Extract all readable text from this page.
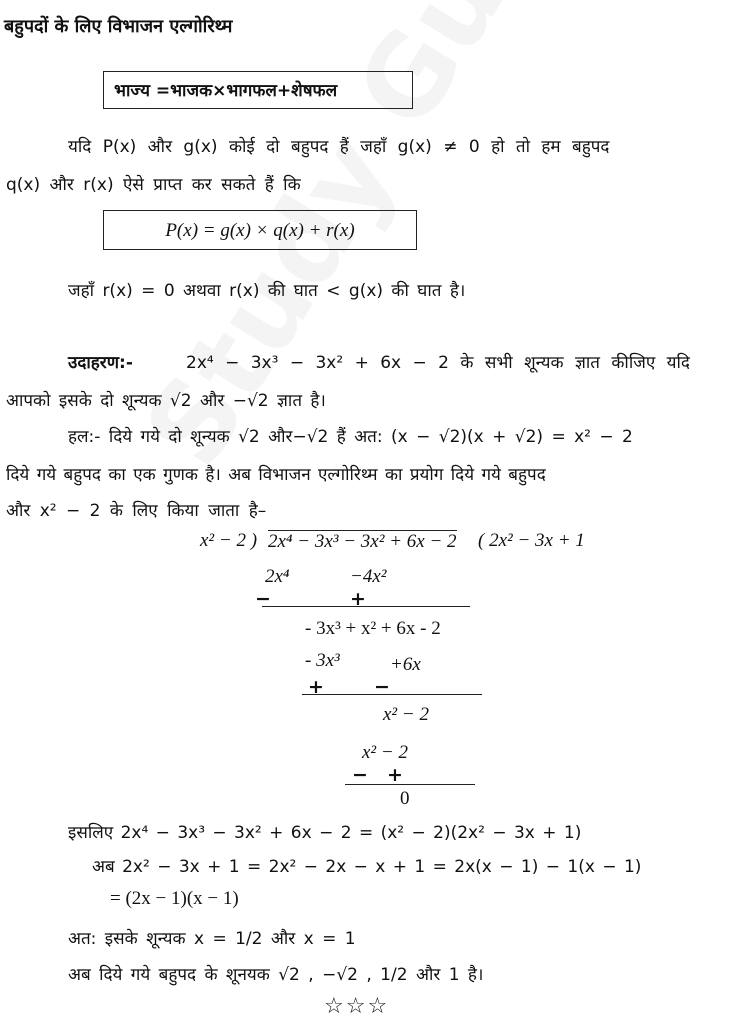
बहुपदों के लिए विभाजन एल्गोरिथ्म
भाज्य =भाजक×भागफल+शेषफल
यदि P(x) और g(x) कोई दो बहुपद हैं जहाँ g(x) ≠ 0 हो तो हम बहुपद
q(x) और r(x) ऐसे प्राप्त कर सकते हैं कि
P(x) = g(x) × q(x) + r(x)
जहाँ r(x) = 0 अथवा r(x) की घात < g(x) की घात है।
उदाहरण:-	2x⁴ − 3x³ − 3x² + 6x − 2 के सभी शून्यक ज्ञात कीजिए यदि
आपको इसके दो शून्यक √2 और −√2 ज्ञात है।
हल:- दिये गये दो शून्यक √2 और−√2 हैं अत: (x − √2)(x + √2) = x² − 2
दिये गये बहुपद का एक गुणक है। अब विभाजन एल्गोरिथ्म का प्रयोग दिये गये बहुपद
और x² − 2 के लिए किया जाता है–
x² − 2 ) 2x⁴ − 3x³ − 3x² + 6x − 2 ( 2x² − 3x + 1
2x⁴	−4x²
−	+
- 3x³ + x² + 6x - 2
- 3x³	+6x
+	−
x² − 2
x² − 2
− +
0
इसलिए 2x⁴ − 3x³ − 3x² + 6x − 2 = (x² − 2)(2x² − 3x + 1)
अब 2x² − 3x + 1 = 2x² − 2x − x + 1 = 2x(x − 1) − 1(x − 1)
= (2x − 1)(x − 1)
अत: इसके शून्यक x = 1/2 और x = 1
अब दिये गये बहुपद के शूनयक √2 , −√2 , 1/2 और 1 है।
☆☆☆
